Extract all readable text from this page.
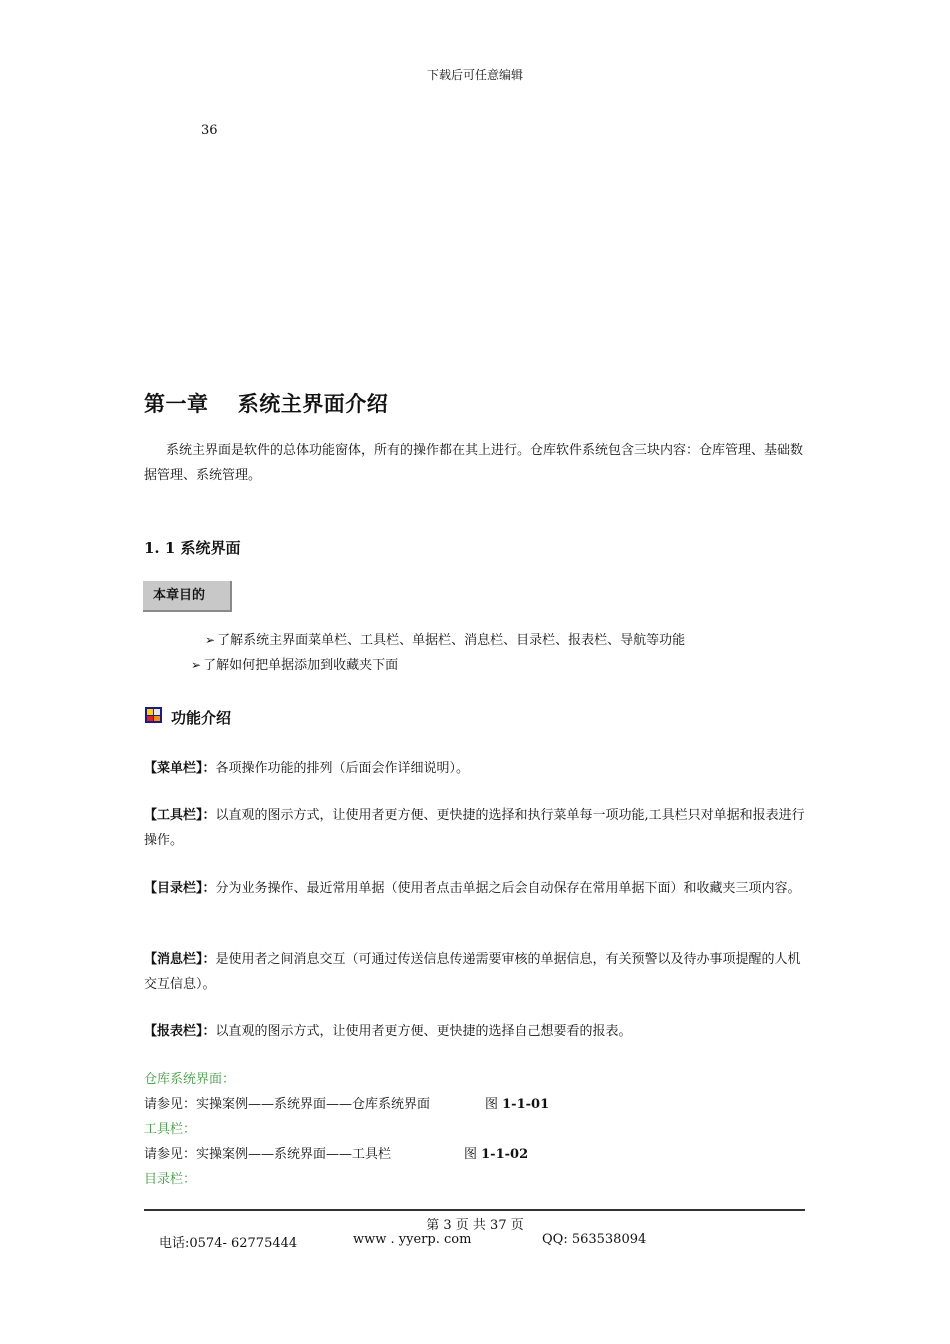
下载后可任意编辑
36
第一章　 系统主界面介绍
系统主界面是软件的总体功能窗体，所有的操作都在其上进行。仓库软件系统包含三块内容：仓库管理、基础数据管理、系统管理。
1. 1 系统界面
本章目的
➢ 了解系统主界面菜单栏、工具栏、单据栏、消息栏、目录栏、报表栏、导航等功能
➢ 了解如何把单据添加到收藏夹下面
功能介绍
【菜单栏】：各项操作功能的排列（后面会作详细说明）。
【工具栏】：以直观的图示方式，让使用者更方便、更快捷的选择和执行菜单每一项功能,工具栏只对单据和报表进行操作。
【目录栏】：分为业务操作、最近常用单据（使用者点击单据之后会自动保存在常用单据下面）和收藏夹三项内容。
【消息栏】：是使用者之间消息交互（可通过传送信息传递需要审核的单据信息，有关预警以及待办事项提醒的人机交互信息）。
【报表栏】：以直观的图示方式，让使用者更方便、更快捷的选择自己想要看的报表。
仓库系统界面：
请参见：实操案例——系统界面——仓库系统界面	图 1-1-01
工具栏：
请参见：实操案例——系统界面——工具栏	图 1-1-02
目录栏：
第 3 页 共 37 页
电话:0574- 62775444	www . yyerp. com	QQ: 563538094
